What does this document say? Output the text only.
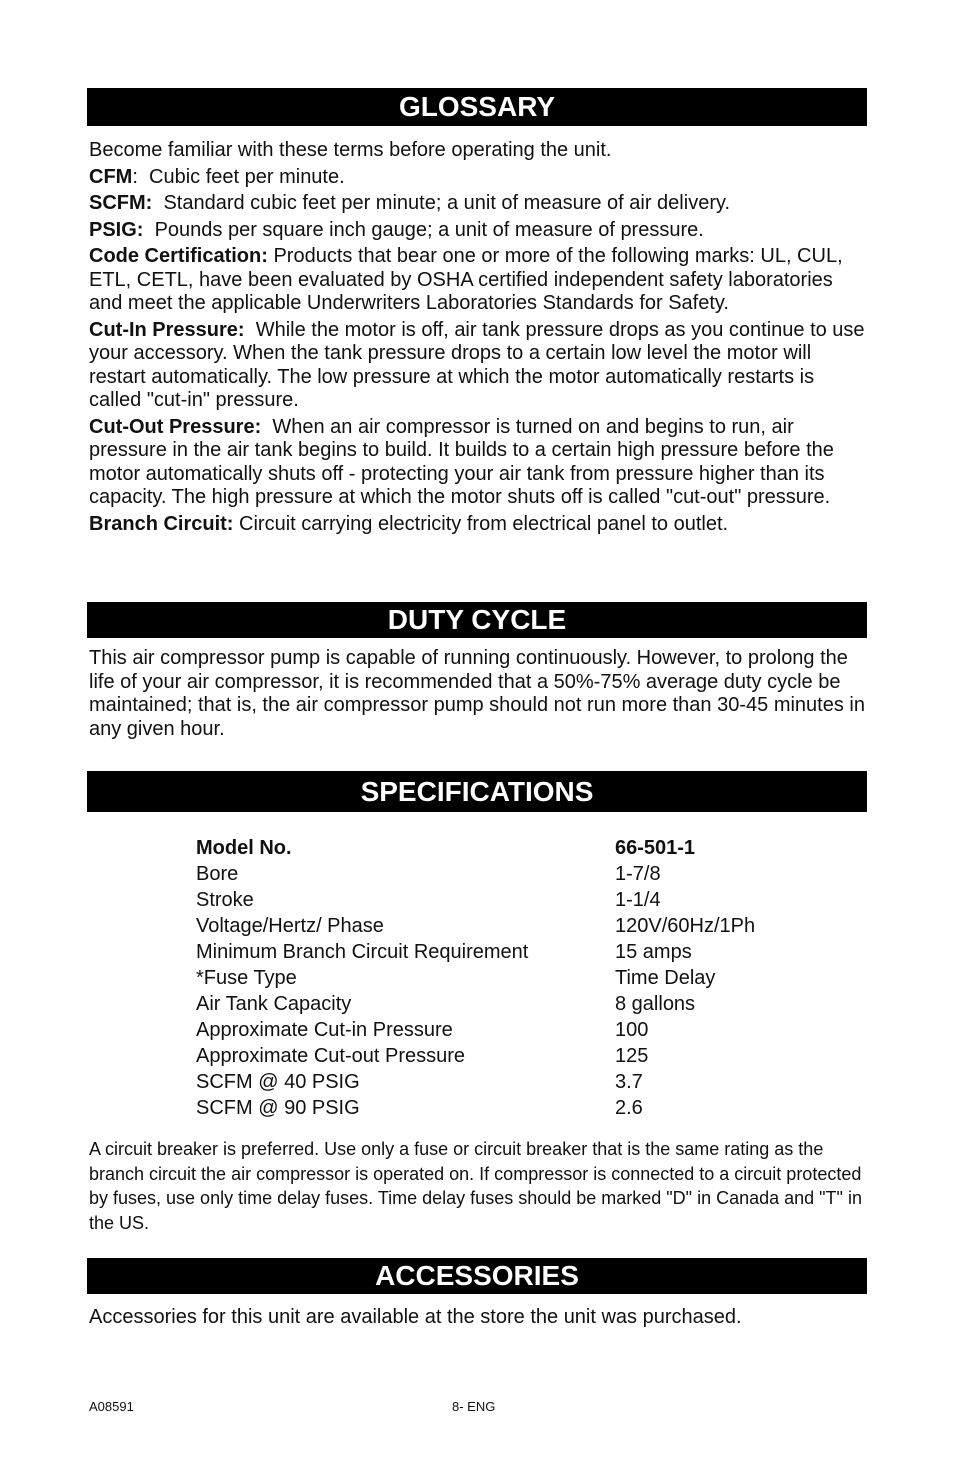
GLOSSARY

Become familiar with these terms before operating the unit.

CFM: Cubic feet per minute.

SCFM: Standard cubic feet per minute; a unit of measure of air delivery.

PSIG: Pounds per square inch gauge; a unit of measure of pressure.

Code Certification: Products that bear one or more of the following marks: UL, CUL, ETL, CETL, have been evaluated by OSHA certified independent safety laboratories and meet the applicable Underwriters Laboratories Standards for Safety.

Cut-In Pressure: While the motor is off, air tank pressure drops as you continue to use your accessory. When the tank pressure drops to a certain low level the motor will restart automatically. The low pressure at which the motor automatically restarts is called "cut-in" pressure.

Cut-Out Pressure: When an air compressor is turned on and begins to run, air pressure in the air tank begins to build. It builds to a certain high pressure before the motor automatically shuts off - protecting your air tank from pressure higher than its capacity. The high pressure at which the motor shuts off is called "cut-out" pressure.

Branch Circuit: Circuit carrying electricity from electrical panel to outlet.

DUTY CYCLE
This air compressor pump is capable of running continuously. However, to prolong the life of your air compressor, it is recommended that a 50%-75% average duty cycle be maintained; that is, the air compressor pump should not run more than 30-45 minutes in any given hour.
SPECIFICATIONS
Model No.	66-501-1
Bore	1-7/8
Stroke	1-1/4
Voltage/Hertz/ Phase	120V/60Hz/1Ph
Minimum Branch Circuit Requirement	15 amps
*Fuse Type	Time Delay
Air Tank Capacity	8 gallons
Approximate Cut-in Pressure	100
Approximate Cut-out Pressure	125
SCFM @ 40 PSIG	3.7
SCFM @ 90 PSIG	2.6
A circuit breaker is preferred. Use only a fuse or circuit breaker that is the same rating as the branch circuit the air compressor is operated on. If compressor is connected to a circuit protected by fuses, use only time delay fuses. Time delay fuses should be marked "D" in Canada and "T" in the US.
ACCESSORIES
Accessories for this unit are available at the store the unit was purchased.
A08591	8- ENG
